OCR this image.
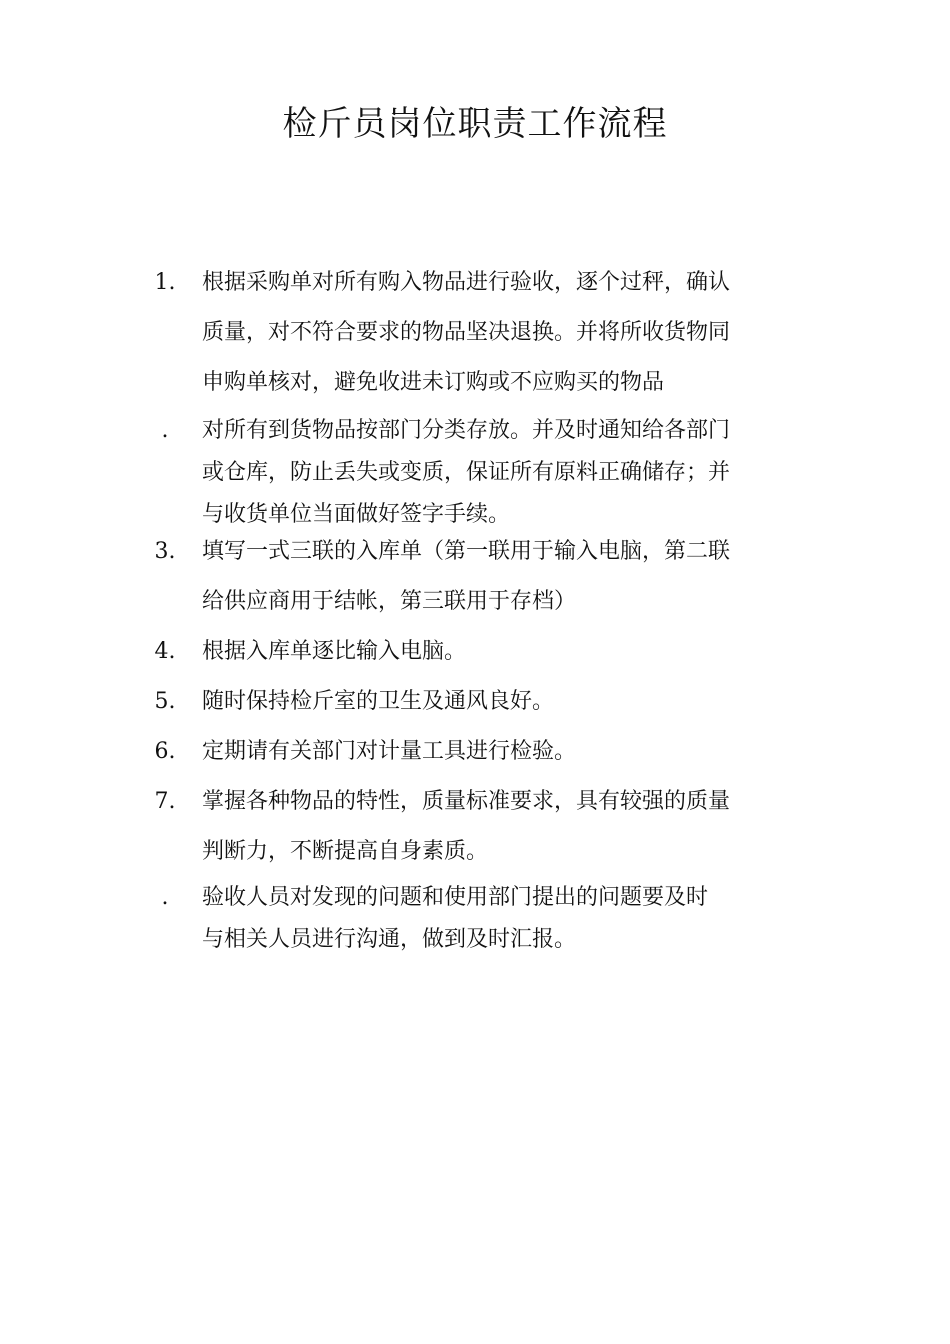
检斤员岗位职责工作流程
1.	根据采购单对所有购入物品进行验收，逐个过秤，确认
质量，对不符合要求的物品坚决退换。并将所收货物同
申购单核对，避免收进未订购或不应购买的物品
.	对所有到货物品按部门分类存放。并及时通知给各部门
或仓库，防止丢失或变质，保证所有原料正确储存；并
与收货单位当面做好签字手续。
3.	填写一式三联的入库单（第一联用于输入电脑，第二联
给供应商用于结帐，第三联用于存档）
4.	根据入库单逐比输入电脑。
5.	随时保持检斤室的卫生及通风良好。
6.	定期请有关部门对计量工具进行检验。
7.	掌握各种物品的特性，质量标准要求，具有较强的质量
判断力，不断提高自身素质。
.	验收人员对发现的问题和使用部门提出的问题要及时
与相关人员进行沟通，做到及时汇报。
